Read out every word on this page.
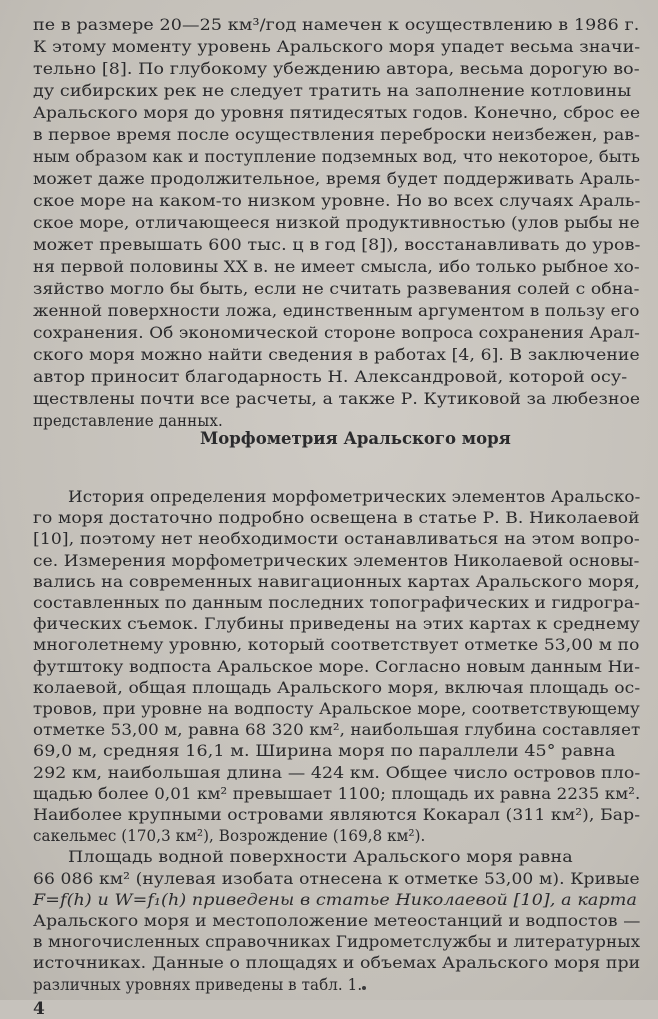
пе в размере 20—25 км³/год намечен к осуществлению в 1986 г.
К этому моменту уровень Аральского моря упадет весьма значи-
тельно [8]. По глубокому убеждению автора, весьма дорогую во-
ду сибирских рек не следует тратить на заполнение котловины
Аральского моря до уровня пятидесятых годов. Конечно, сброс ее
в первое время после осуществления переброски неизбежен, рав-
ным образом как и поступление подземных вод, что некоторое, быть
может даже продолжительное, время будет поддерживать Араль-
ское море на каком-то низком уровне. Но во всех случаях Араль-
ское море, отличающееся низкой продуктивностью (улов рыбы не
может превышать 600 тыс. ц в год [8]), восстанавливать до уров-
ня первой половины XX в. не имеет смысла, ибо только рыбное хо-
зяйство могло бы быть, если не считать развевания солей с обна-
женной поверхности ложа, единственным аргументом в пользу его
сохранения. Об экономической стороне вопроса сохранения Арал-
ского моря можно найти сведения в работах [4, 6]. В заключение
автор приносит благодарность Н. Александровой, которой осу-
ществлены почти все расчеты, а также Р. Кутиковой за любезное
представление данных.
Морфометрия Аральского моря
История определения морфометрических элементов Аральско-
го моря достаточно подробно освещена в статье Р. В. Николаевой
[10], поэтому нет необходимости останавливаться на этом вопро-
се. Измерения морфометрических элементов Николаевой основы-
вались на современных навигационных картах Аральского моря,
составленных по данным последних топографических и гидрогра-
фических съемок. Глубины приведены на этих картах к среднему
многолетнему уровню, который соответствует отметке 53,00 м по
футштоку водпоста Аральское море. Согласно новым данным Ни-
колаевой, общая площадь Аральского моря, включая площадь ос-
тровов, при уровне на водпосту Аральское море, соответствующему
отметке 53,00 м, равна 68 320 км², наибольшая глубина составляет
69,0 м, средняя 16,1 м. Ширина моря по параллели 45° равна
292 км, наибольшая длина — 424 км. Общее число островов пло-
щадью более 0,01 км² превышает 1100; площадь их равна 2235 км².
Наиболее крупными островами являются Кокарал (311 км²), Бар-
сакельмес (170,3 км²), Возрождение (169,8 км²).
Площадь водной поверхности Аральского моря равна
66 086 км² (нулевая изобата отнесена к отметке 53,00 м). Кривые
F=f(h) и W=f₁(h) приведены в статье Николаевой [10], а карта
Аральского моря и местоположение метеостанций и водпостов —
в многочисленных справочниках Гидрометслужбы и литературных
источниках. Данные о площадях и объемах Аральского моря при
различных уровнях приведены в табл. 1.
4
